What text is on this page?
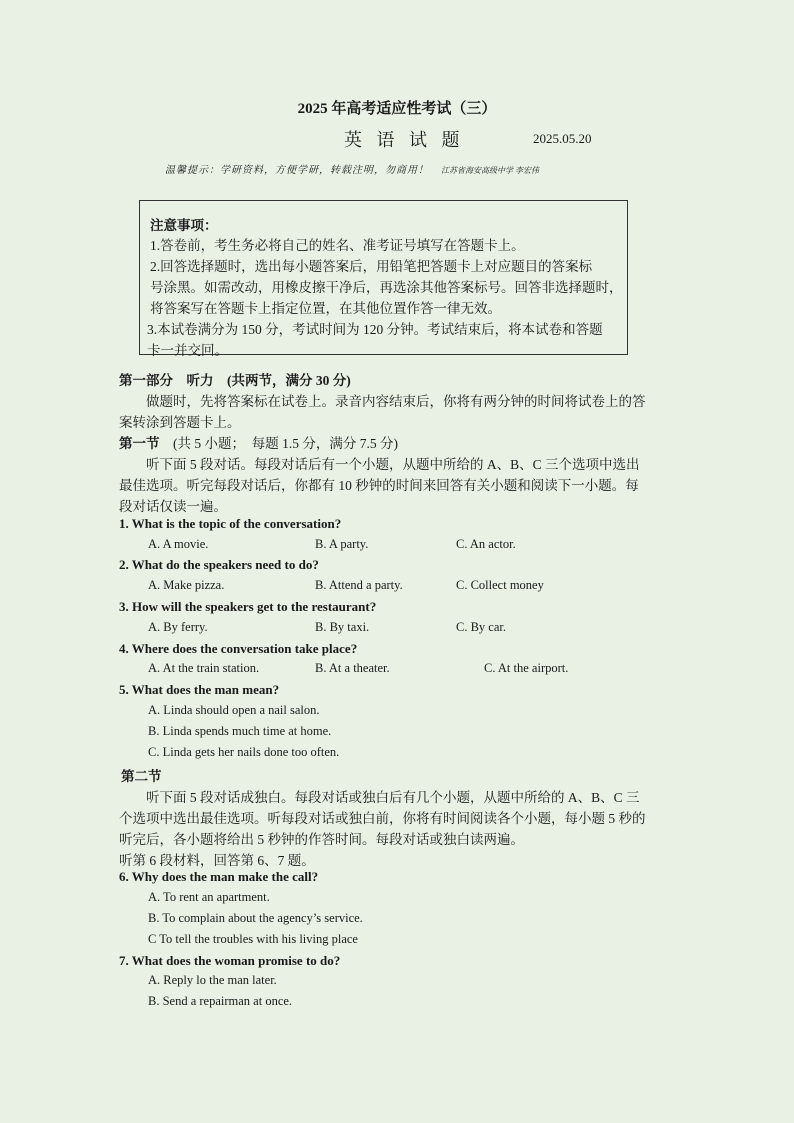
2025 年高考适应性考试（三）
英 语 试 题	2025.05.20
温馨提示：学研资料，方便学研，转载注明，勿商用！ 江苏省海安高级中学 李宏伟
注意事项：
1.答卷前，考生务必将自己的姓名、准考证号填写在答题卡上。
2.回答选择题时，选出每小题答案后，用铅笔把答题卡上对应题目的答案标
号涂黑。如需改动，用橡皮擦干净后，再选涂其他答案标号。回答非选择题时，
将答案写在答题卡上指定位置，在其他位置作答一律无效。
3.本试卷满分为 150 分，考试时间为 120 分钟。考试结束后，将本试卷和答题
卡一并交回。
第一部分　听力　(共两节，满分 30 分)
　　做题时，先将答案标在试卷上。录音内容结束后，你将有两分钟的时间将试卷上的答
案转涂到答题卡上。
第一节　 (共 5 小题；　每题 1.5 分，满分 7.5 分)
　　听下面 5 段对话。每段对话后有一个小题，从题中所给的 A、B、C 三个选项中选出
最佳选项。听完每段对话后，你都有 10 秒钟的时间来回答有关小题和阅读下一小题。每
段对话仅读一遍。
1. What is the topic of the conversation?
A. A movie.	B. A party.	C. An actor.
2. What do the speakers need to do?
A. Make pizza.	B. Attend a party.	C. Collect money
3. How will the speakers get to the restaurant?
A. By ferry.	B. By taxi.	C. By car.
4. Where does the conversation take place?
A. At the train station.	B. At a theater.	C. At the airport.
5. What does the man mean?
A. Linda should open a nail salon.
B. Linda spends much time at home.
C. Linda gets her nails done too often.
第二节
　　听下面 5 段对话成独白。每段对话或独白后有几个小题，从题中所给的 A、B、C 三
个选项中选出最佳选项。听每段对话或独白前，你将有时间阅读各个小题，每小题 5 秒的
听完后，各小题将给出 5 秒钟的作答时间。每段对话或独白读两遍。
听第 6 段材料，回答第 6、7 题。
6. Why does the man make the call?
A. To rent an apartment.
B. To complain about the agency’s service.
C To tell the troubles with his living place
7. What does the woman promise to do?
A. Reply lo the man later.
B. Send a repairman at once.
